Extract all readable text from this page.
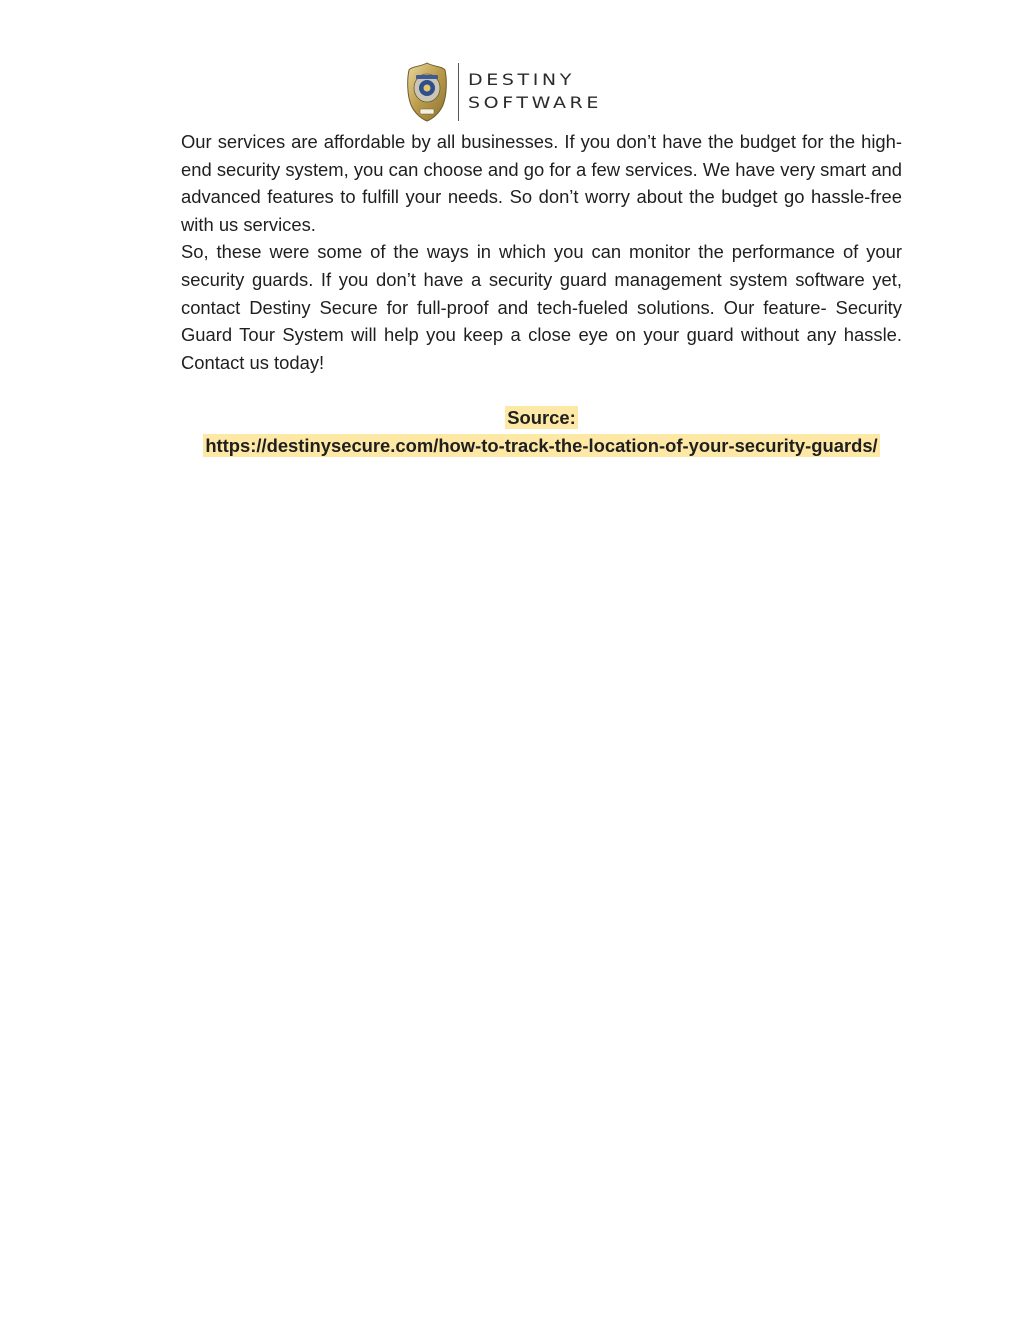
DESTINY
SOFTWARE

Our services are affordable by all businesses. If you don’t have the budget for the high-end security system, you can choose and go for a few services. We have very smart and advanced features to fulfill your needs. So don’t worry about the budget go hassle-free with us services.

So, these were some of the ways in which you can monitor the performance of your security guards. If you don’t have a security guard management system software yet, contact Destiny Secure for full-proof and tech-fueled solutions. Our feature- Security Guard Tour System will help you keep a close eye on your guard without any hassle. Contact us today!

Source:
https://destinysecure.com/how-to-track-the-location-of-your-security-guards/
